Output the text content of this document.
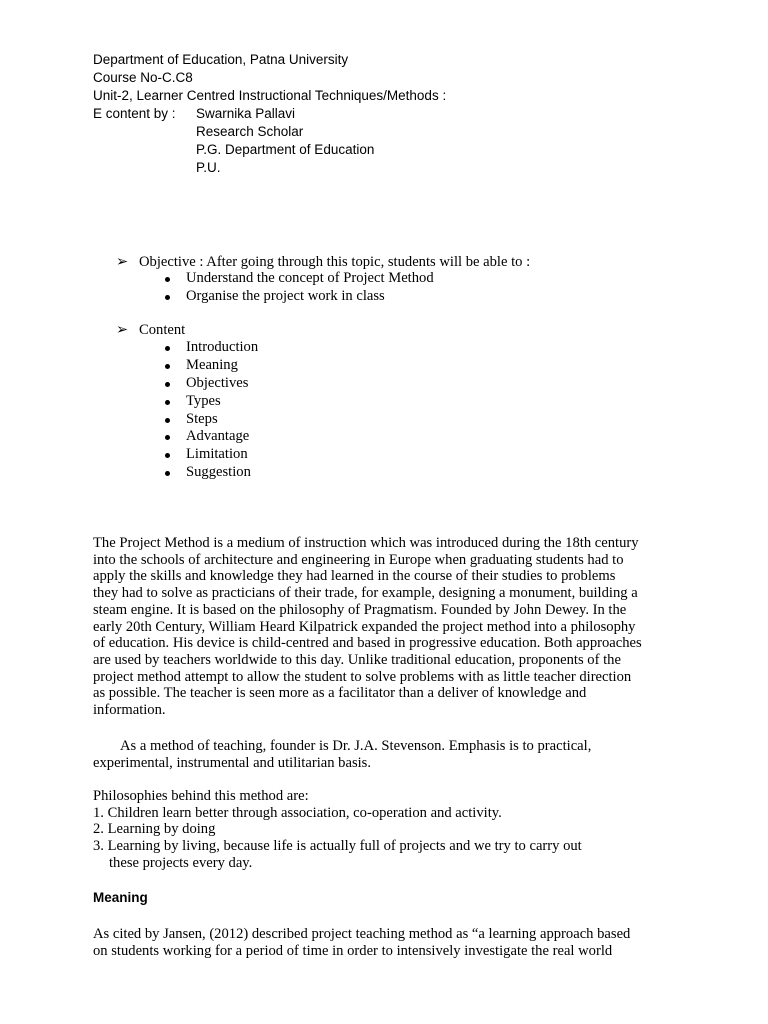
Department of Education, Patna University
Course No-C.C8
Unit-2, Learner Centred Instructional Techniques/Methods :
E content by : Swarnika Pallavi
Research Scholar
P.G. Department of Education
P.U.
➢ Objective : After going through this topic, students will be able to :
Understand the concept of Project Method
Organise the project work in class
➢ Content
Introduction
Meaning
Objectives
Types
Steps
Advantage
Limitation
Suggestion
The Project Method is a medium of instruction which was introduced during the 18th century
into the schools of architecture and engineering in Europe when graduating students had to
apply the skills and knowledge they had learned in the course of their studies to problems
they had to solve as practicians of their trade, for example, designing a monument, building a
steam engine. It is based on the philosophy of Pragmatism. Founded by John Dewey. In the
early 20th Century, William Heard Kilpatrick expanded the project method into a philosophy
of education. His device is child-centred and based in progressive education. Both approaches
are used by teachers worldwide to this day. Unlike traditional education, proponents of the
project method attempt to allow the student to solve problems with as little teacher direction
as possible. The teacher is seen more as a facilitator than a deliver of knowledge and
information.
As a method of teaching, founder is Dr. J.A. Stevenson. Emphasis is to practical,
experimental, instrumental and utilitarian basis.
Philosophies behind this method are:
1. Children learn better through association, co-operation and activity.
2. Learning by doing
3. Learning by living, because life is actually full of projects and we try to carry out
these projects every day.
Meaning
As cited by Jansen, (2012) described project teaching method as “a learning approach based
on students working for a period of time in order to intensively investigate the real world
